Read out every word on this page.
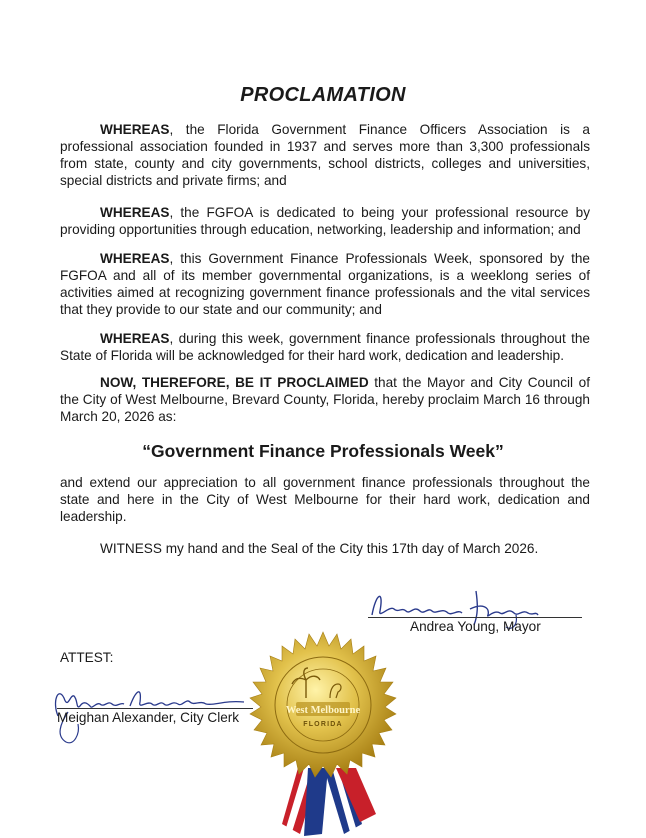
PROCLAMATION
WHEREAS, the Florida Government Finance Officers Association is a professional association founded in 1937 and serves more than 3,300 professionals from state, county and city governments, school districts, colleges and universities, special districts and private firms; and
WHEREAS, the FGFOA is dedicated to being your professional resource by providing opportunities through education, networking, leadership and information; and
WHEREAS, this Government Finance Professionals Week, sponsored by the FGFOA and all of its member governmental organizations, is a weeklong series of activities aimed at recognizing government finance professionals and the vital services that they provide to our state and our community; and
WHEREAS, during this week, government finance professionals throughout the State of Florida will be acknowledged for their hard work, dedication and leadership.
NOW, THEREFORE, BE IT PROCLAIMED that the Mayor and City Council of the City of West Melbourne, Brevard County, Florida, hereby proclaim March 16 through March 20, 2026 as:
“Government Finance Professionals Week”
and extend our appreciation to all government finance professionals throughout the state and here in the City of West Melbourne for their hard work, dedication and leadership.
WITNESS my hand and the Seal of the City this 17th day of March 2026.
Andrea Young, Mayor
ATTEST:
Meighan Alexander, City Clerk	West Melbourne
FLORIDA
